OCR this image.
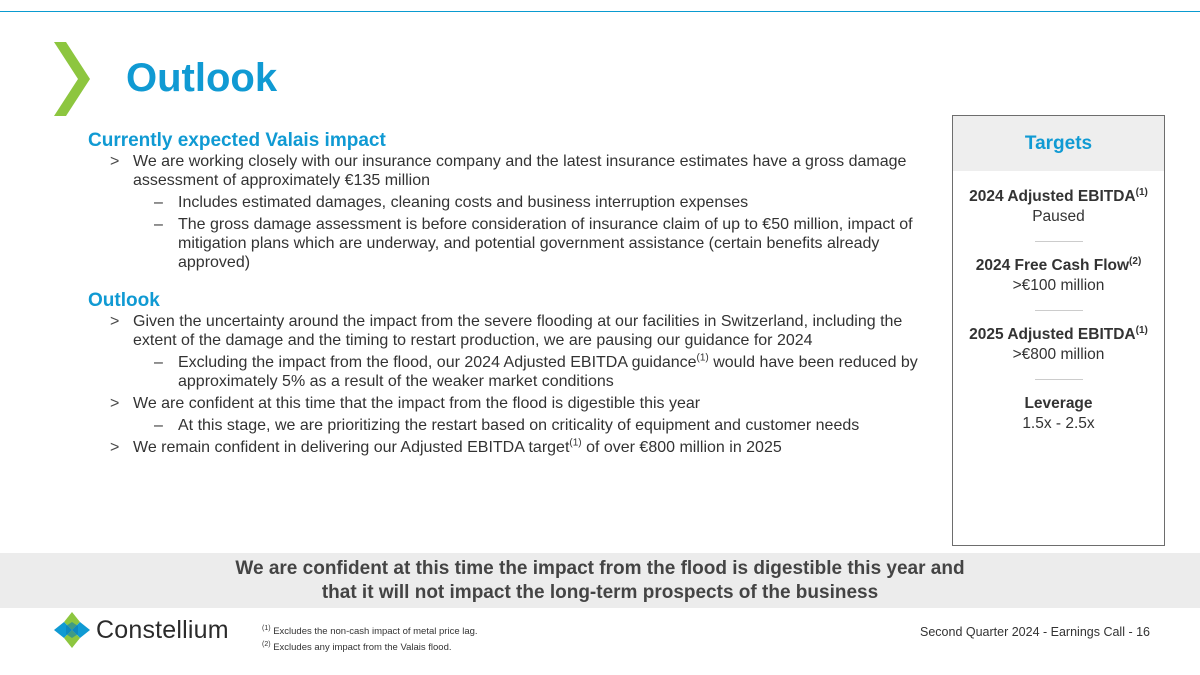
Outlook
Currently expected Valais impact
> We are working closely with our insurance company and the latest insurance estimates have a gross damage assessment of approximately €135 million
– Includes estimated damages, cleaning costs and business interruption expenses
– The gross damage assessment is before consideration of insurance claim of up to €50 million, impact of mitigation plans which are underway, and potential government assistance (certain benefits already approved)
Outlook
> Given the uncertainty around the impact from the severe flooding at our facilities in Switzerland, including the extent of the damage and the timing to restart production, we are pausing our guidance for 2024
– Excluding the impact from the flood, our 2024 Adjusted EBITDA guidance$^{(1)}$ would have been reduced by approximately 5% as a result of the weaker market conditions
> We are confident at this time that the impact from the flood is digestible this year
– At this stage, we are prioritizing the restart based on criticality of equipment and customer needs
> We remain confident in delivering our Adjusted EBITDA target$^{(1)}$ of over €800 million in 2025
Targets
2024 Adjusted EBITDA$^{(1)}$
Paused
2024 Free Cash Flow$^{(2)}$
>€100 million
2025 Adjusted $EBITDA^{(1)}$
>€800 million
Leverage
1.5x - 2.5x
We are confident at this time the impact from the flood is digestible this year and
that it will not impact the long-term prospects of the business
Constellium	$^{(1)}$ Excludes the non-cash impact of metal price lag.
$^{(2)}$ Excludes any impact from the Valais flood.
Second Quarter 2024 - Earnings Call - 16
